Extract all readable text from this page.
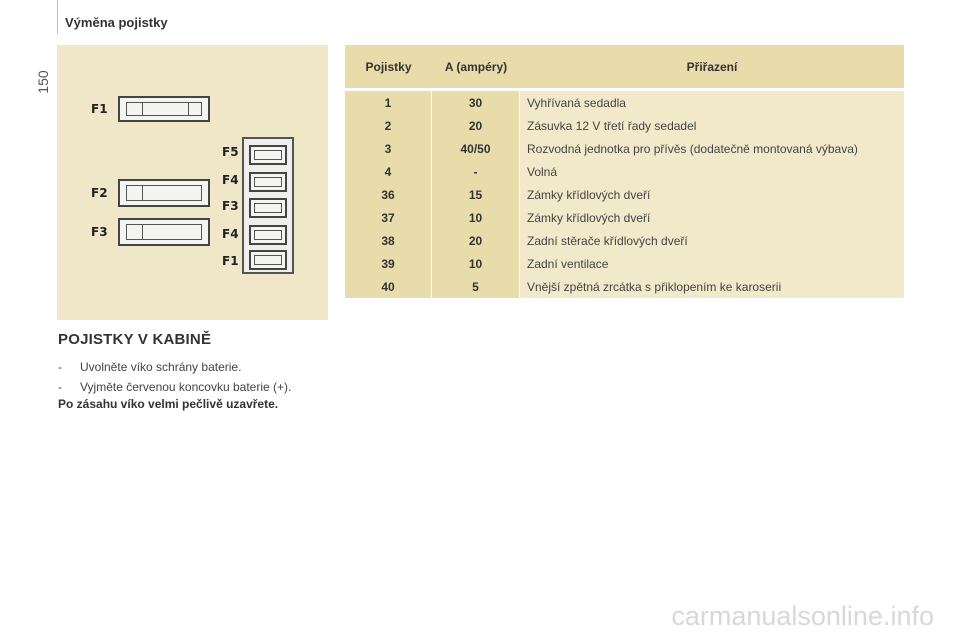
150
Výměna pojistky
F1
F2
F3
F5
F4
F3
F4
F1
Pojistky	A (ampéry)	Přiřazení
1	30	Vyhřívaná sedadla
2	20	Zásuvka 12 V třetí řady sedadel
3	40/50	Rozvodná jednotka pro přívěs (dodatečně montovaná výbava)
4	-	Volná
36	15	Zámky křídlových dveří
37	10	Zámky křídlových dveří
38	20	Zadní stěrače křídlových dveří
39	10	Zadní ventilace
40	5	Vnější zpětná zrcátka s přiklopením ke karoserii
POJISTKY V KABINĚ
-	Uvolněte víko schrány baterie.
-	Vyjměte červenou koncovku baterie (+).
Po zásahu víko velmi pečlivě uzavřete.
carmanualsonline.info
